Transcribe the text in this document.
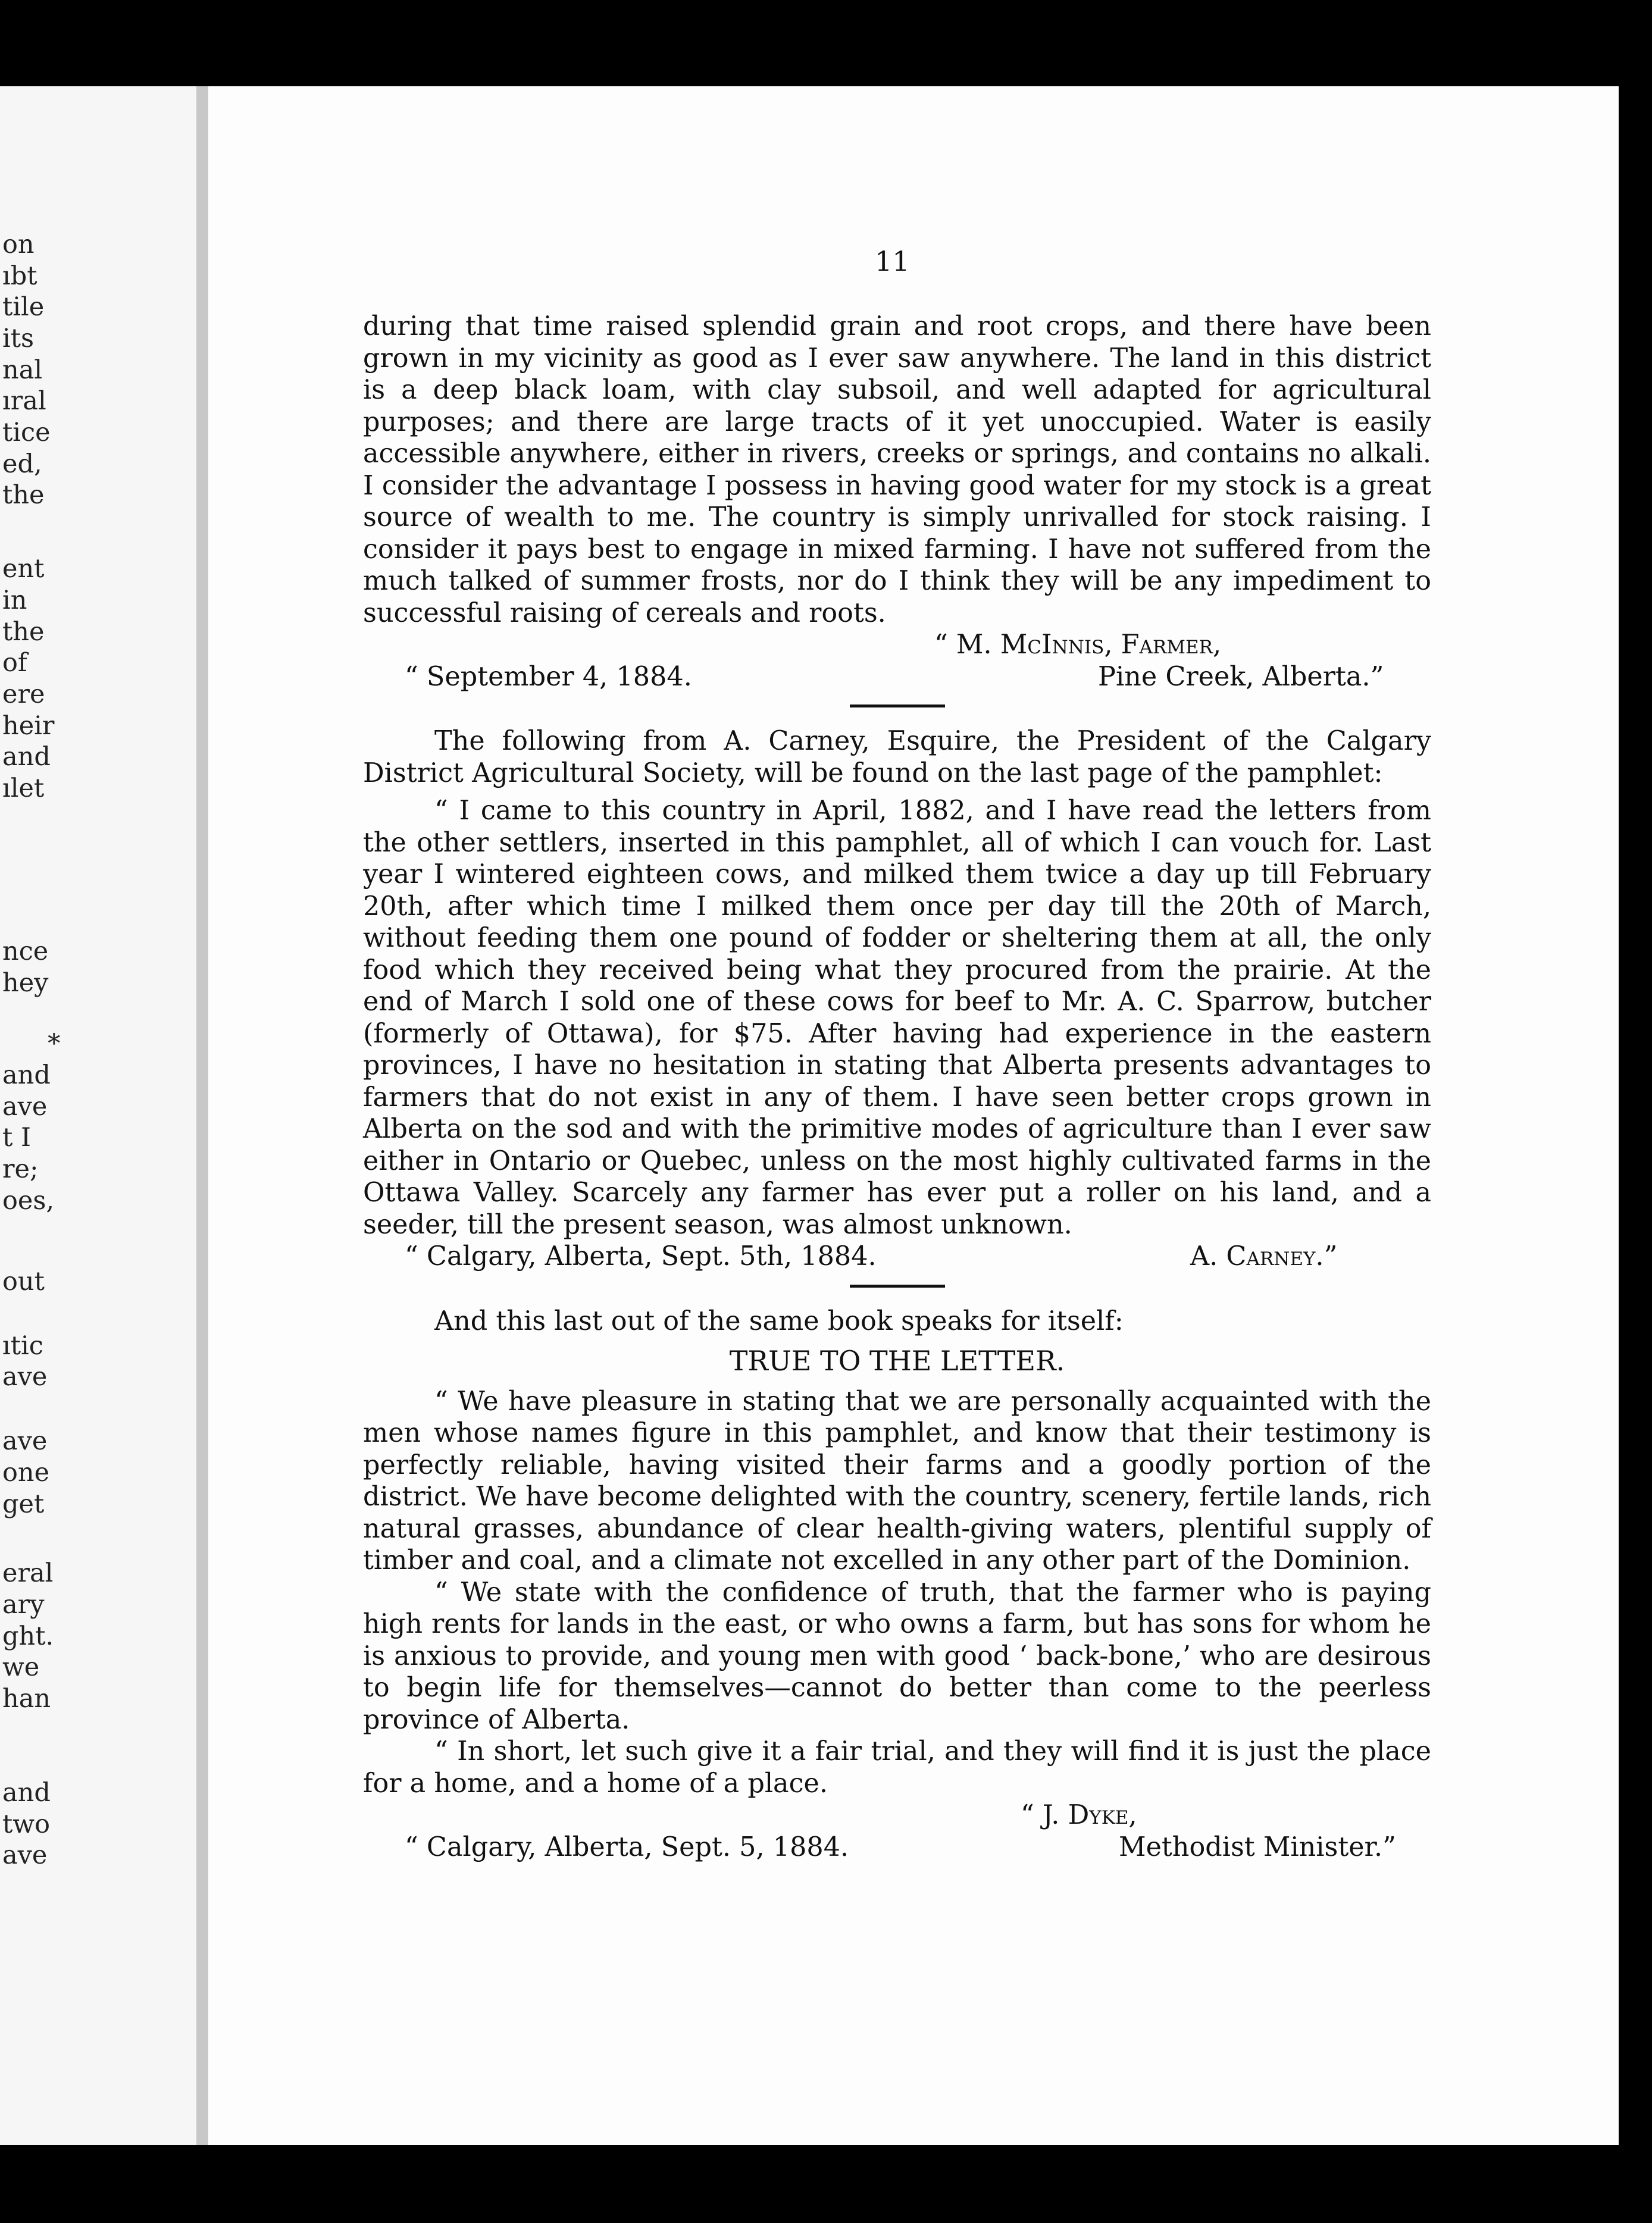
on
ıbt
tile
its
nal
ıral
tice
ed,
the
ent
in
the
of
ere
heir
and
ılet
nce
hey
*
and
ave
t I
re;
oes,
out
ıtic
ave
ave
one
get
eral
ary
ght.
we
han
and
two
ave
11

during that time raised splendid grain and root crops, and there have been grown in my vicinity as good as I ever saw anywhere. The land in this district is a deep black loam, with clay subsoil, and well adapted for agricultural purposes; and there are large tracts of it yet unoccupied. Water is easily accessible anywhere, either in rivers, creeks or springs, and contains no alkali. I consider the advantage I possess in having good water for my stock is a great source of wealth to me. The country is simply unrivalled for stock raising. I consider it pays best to engage in mixed farming. I have not suffered from the much talked of summer frosts, nor do I think they will be any impediment to successful raising of cereals and roots.

“ M. McInnis, Farmer,
“ September 4, 1884.	Pine Creek, Alberta.”

The following from A. Carney, Esquire, the President of the Calgary District Agricultural Society, will be found on the last page of the pamphlet:

“ I came to this country in April, 1882, and I have read the letters from the other settlers, inserted in this pamphlet, all of which I can vouch for. Last year I wintered eighteen cows, and milked them twice a day up till February 20th, after which time I milked them once per day till the 20th of March, without feeding them one pound of fodder or sheltering them at all, the only food which they received being what they procured from the prairie. At the end of March I sold one of these cows for beef to Mr. A. C. Sparrow, butcher (formerly of Ottawa), for $75. After having had experience in the eastern provinces, I have no hesitation in stating that Alberta presents advantages to farmers that do not exist in any of them. I have seen better crops grown in Alberta on the sod and with the primitive modes of agriculture than I ever saw either in Ontario or Quebec, unless on the most highly cultivated farms in the Ottawa Valley. Scarcely any farmer has ever put a roller on his land, and a seeder, till the present season, was almost unknown.

“ Calgary, Alberta, Sept. 5th, 1884.	A. Carney.”

And this last out of the same book speaks for itself:

TRUE TO THE LETTER.

“ We have pleasure in stating that we are personally acquainted with the men whose names figure in this pamphlet, and know that their testimony is perfectly reliable, having visited their farms and a goodly portion of the district. We have become delighted with the country, scenery, fertile lands, rich natural grasses, abundance of clear health-giving waters, plentiful supply of timber and coal, and a climate not excelled in any other part of the Dominion.

“ We state with the confidence of truth, that the farmer who is paying high rents for lands in the east, or who owns a farm, but has sons for whom he is anxious to provide, and young men with good ‘ back-bone,’ who are desirous to begin life for themselves—cannot do better than come to the peerless province of Alberta.

“ In short, let such give it a fair trial, and they will find it is just the place for a home, and a home of a place.

“ J. Dyke,
“ Calgary, Alberta, Sept. 5, 1884.	Methodist Minister.”
